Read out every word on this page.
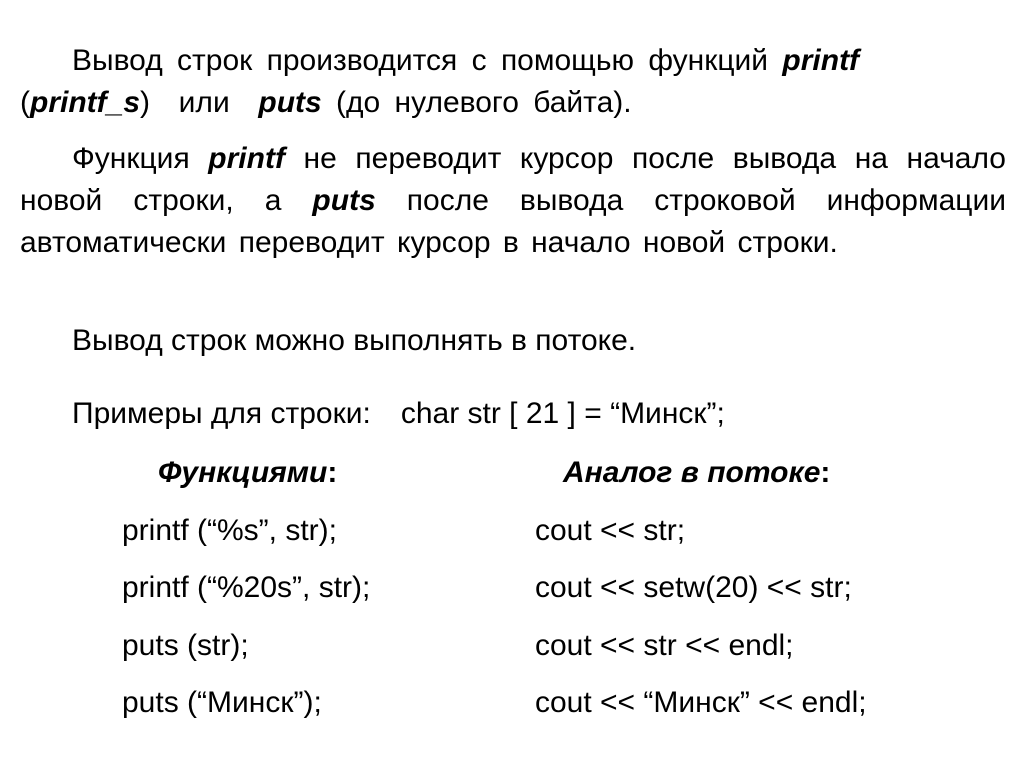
Вывод строк производится с помощью функций printf
(printf_s)  или  puts (до нулевого байта).

Функция printf не переводит курсор после вывода на начало новой строки, а puts после вывода строковой информации автоматически переводит курсор в начало новой строки.

Вывод строк можно выполнять в потоке.

Примеры для строки: char str [ 21 ] = “Минск”;

Функциями:	Аналог в потоке:

printf (“%s”, str);	cout << str;

printf (“%20s”, str);	cout << setw(20) << str;

puts (str);	cout << str << endl;

puts (“Минск”);	cout << “Минск” << endl;
